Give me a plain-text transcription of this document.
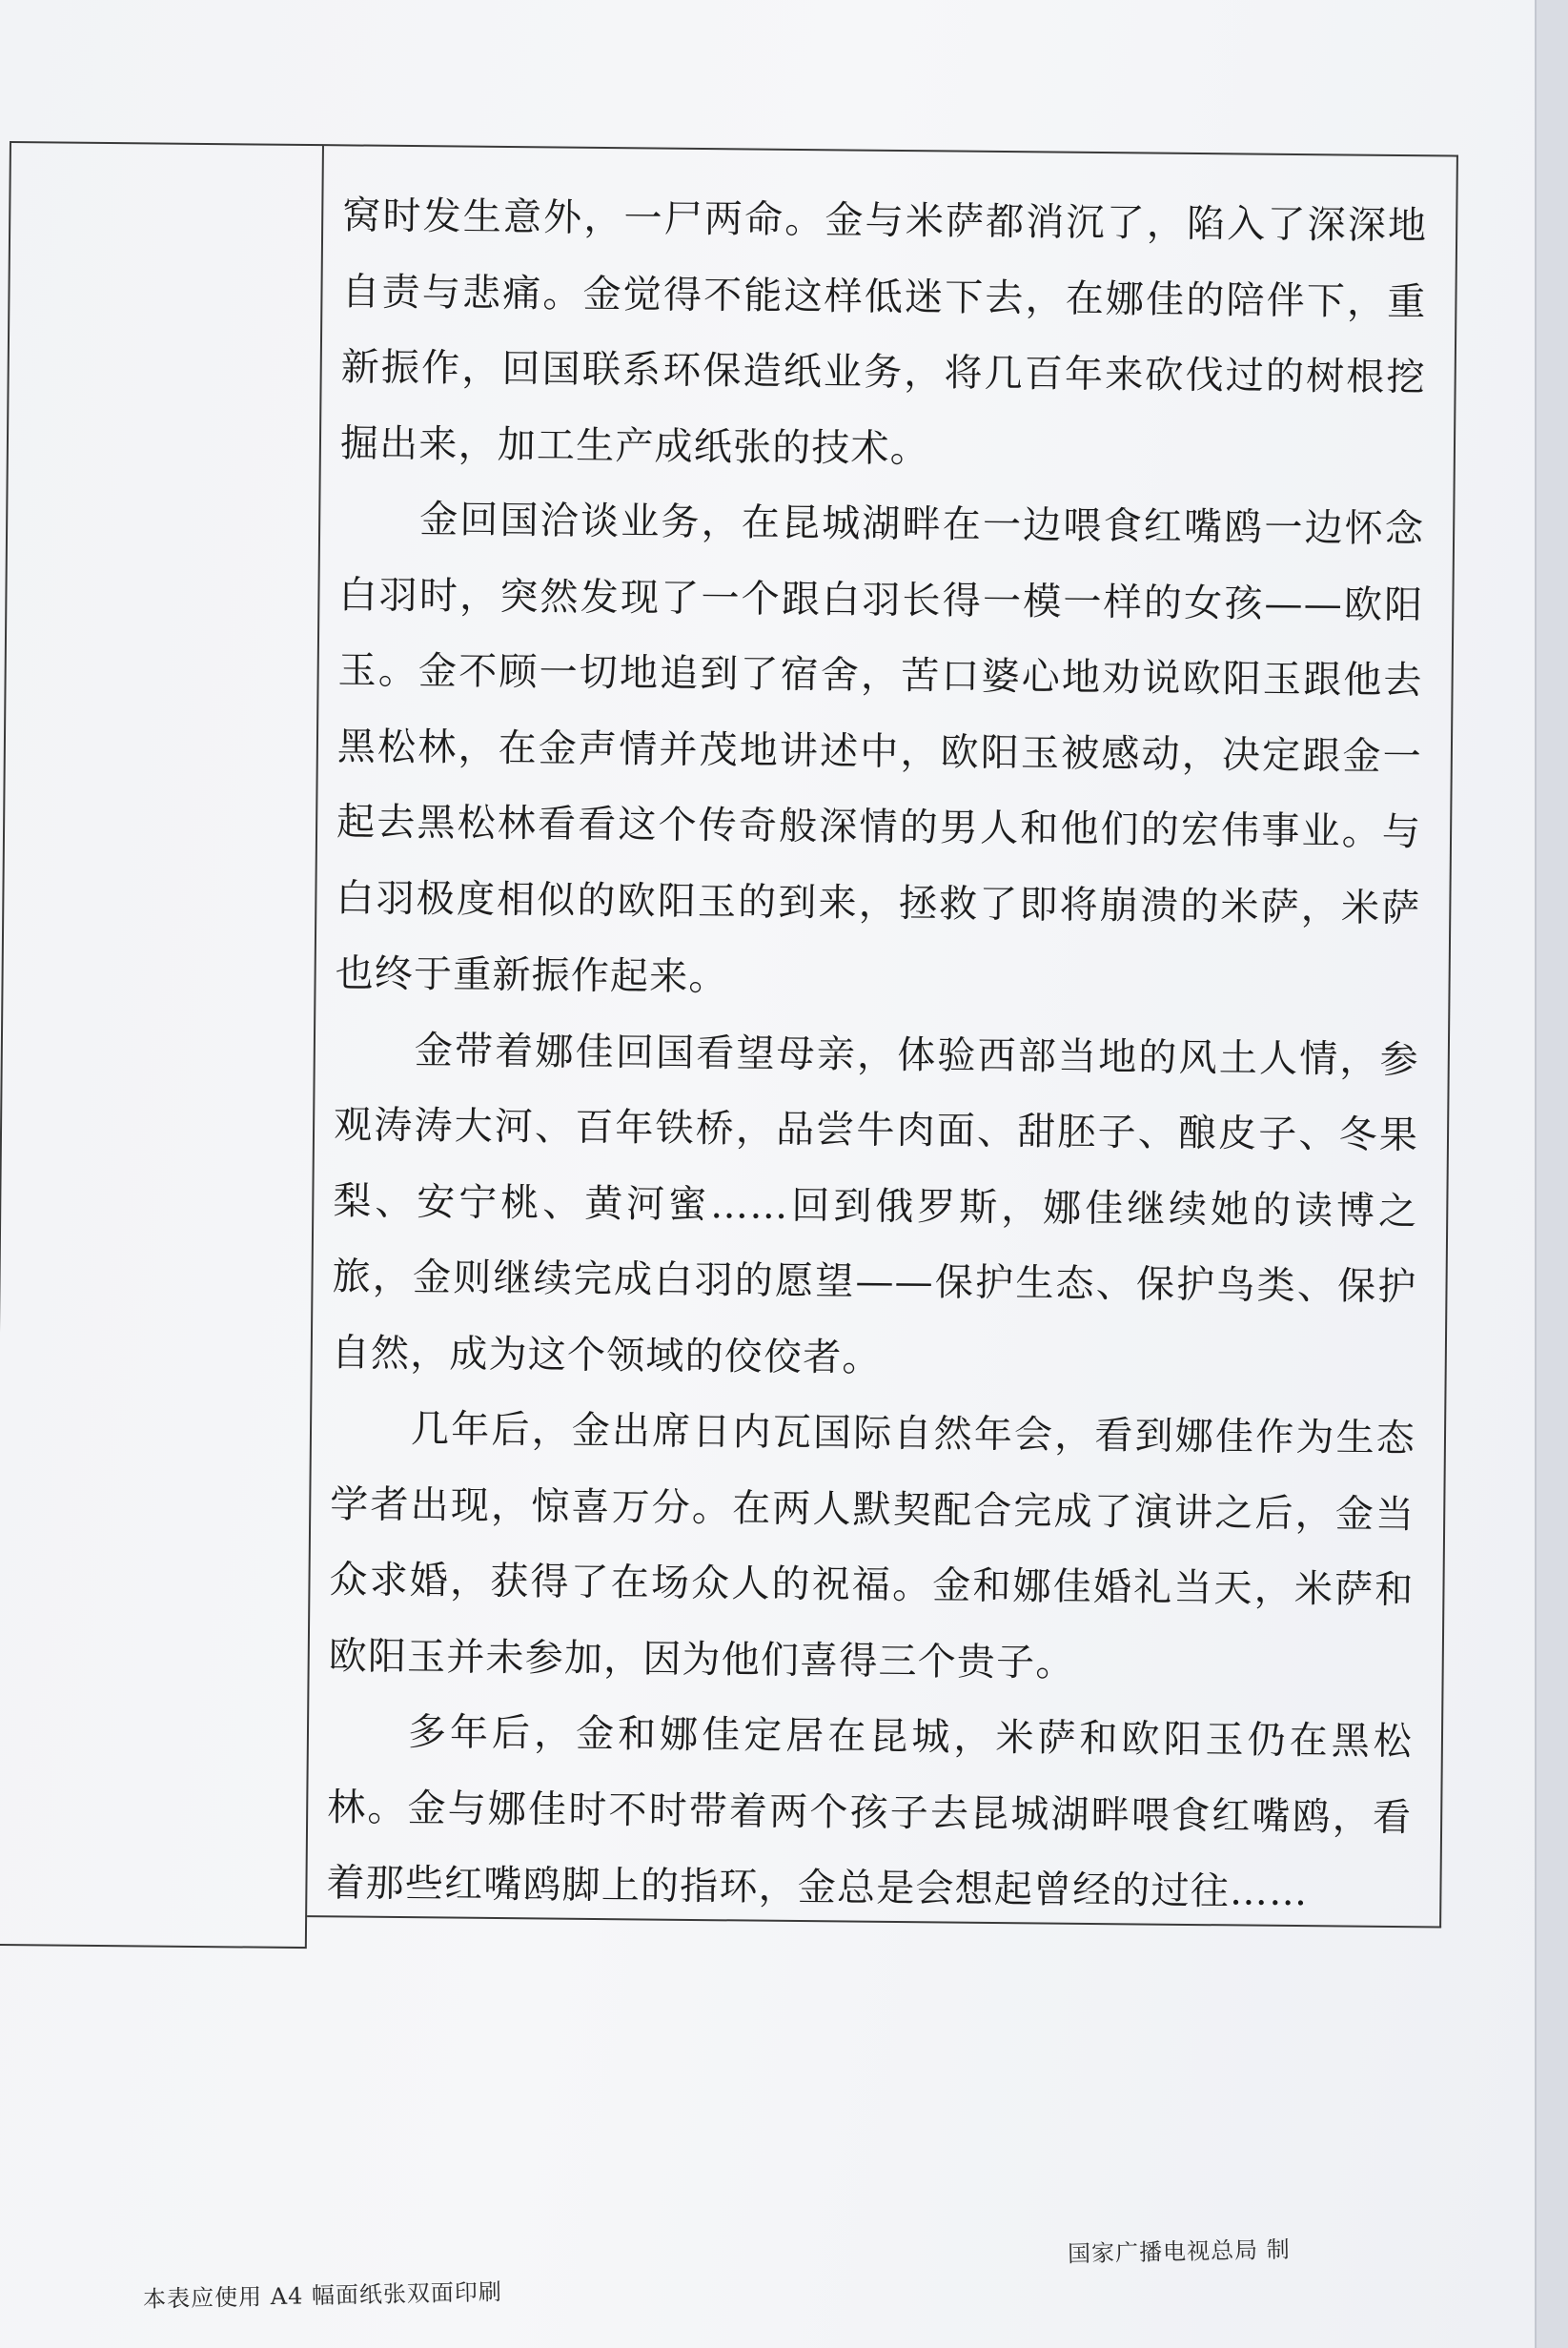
窝时发生意外，一尸两命。金与米萨都消沉了，陷入了深深地自责与悲痛。金觉得不能这样低迷下去，在娜佳的陪伴下，重新振作，回国联系环保造纸业务，将几百年来砍伐过的树根挖掘出来，加工生产成纸张的技术。

金回国洽谈业务，在昆城湖畔在一边喂食红嘴鸥一边怀念白羽时，突然发现了一个跟白羽长得一模一样的女孩——欧阳玉。金不顾一切地追到了宿舍，苦口婆心地劝说欧阳玉跟他去黑松林，在金声情并茂地讲述中，欧阳玉被感动，决定跟金一起去黑松林看看这个传奇般深情的男人和他们的宏伟事业。与白羽极度相似的欧阳玉的到来，拯救了即将崩溃的米萨，米萨也终于重新振作起来。

金带着娜佳回国看望母亲，体验西部当地的风土人情，参观涛涛大河、百年铁桥，品尝牛肉面、甜胚子、酿皮子、冬果梨、安宁桃、黄河蜜……回到俄罗斯，娜佳继续她的读博之旅，金则继续完成白羽的愿望——保护生态、保护鸟类、保护自然，成为这个领域的佼佼者。

几年后，金出席日内瓦国际自然年会，看到娜佳作为生态学者出现，惊喜万分。在两人默契配合完成了演讲之后，金当众求婚，获得了在场众人的祝福。金和娜佳婚礼当天，米萨和欧阳玉并未参加，因为他们喜得三个贵子。

多年后，金和娜佳定居在昆城，米萨和欧阳玉仍在黑松林。金与娜佳时不时带着两个孩子去昆城湖畔喂食红嘴鸥，看着那些红嘴鸥脚上的指环，金总是会想起曾经的过往……

国家广播电视总局 制
本表应使用 A4 幅面纸张双面印刷
